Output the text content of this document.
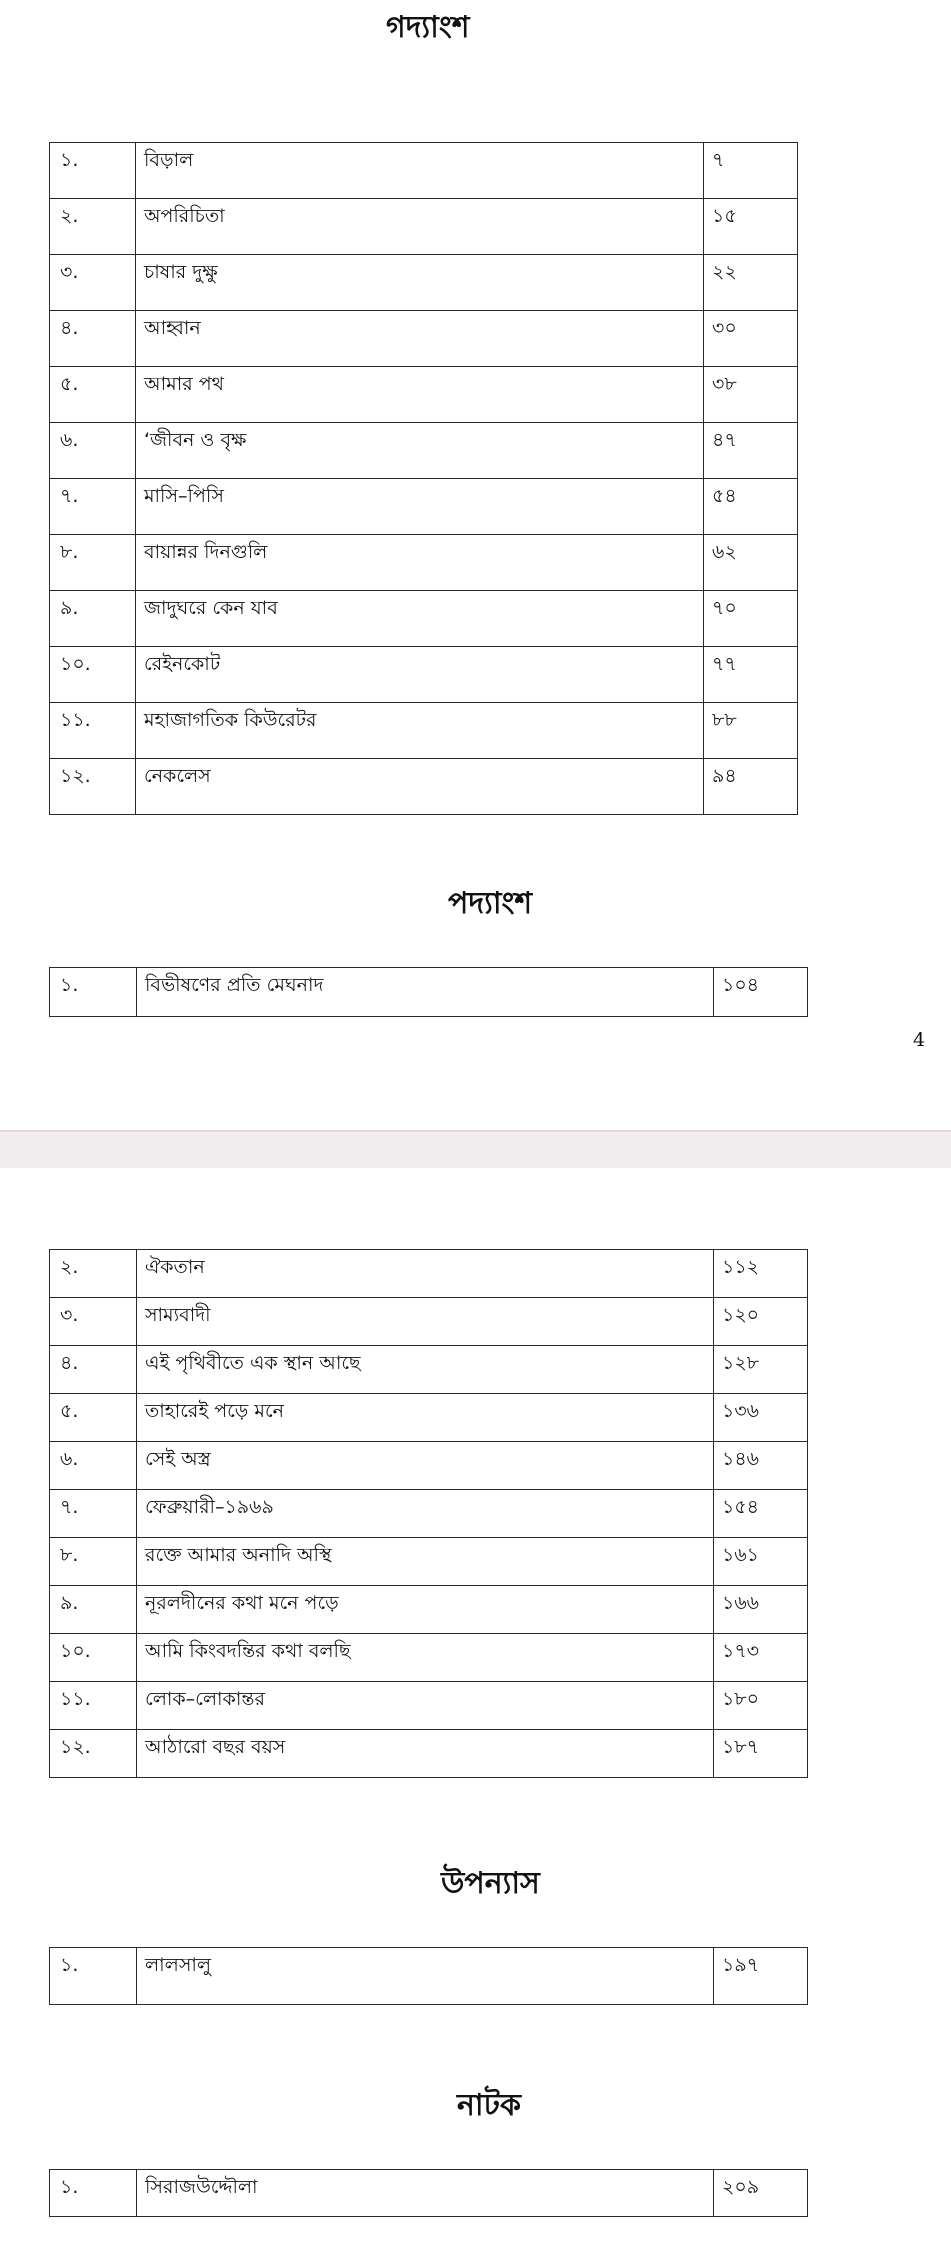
গদ্যাংশ
১.	বিড়াল	৭
২.	অপরিচিতা	১৫
৩.	চাষার দুক্ষু	২২
৪.	আহ্বান	৩০
৫.	আমার পথ	৩৮
৬.	‘জীবন ও বৃক্ষ	৪৭
৭.	মাসি–পিসি	৫৪
৮.	বায়ান্নর দিনগুলি	৬২
৯.	জাদুঘরে কেন যাব	৭০
১০.	রেইনকোট	৭৭
১১.	মহাজাগতিক কিউরেটর	৮৮
১২.	নেকলেস	৯৪
পদ্যাংশ
১.	বিভীষণের প্রতি মেঘনাদ	১০৪
4
২.	ঐকতান	১১২
৩.	সাম্যবাদী	১২০
৪.	এই পৃথিবীতে এক স্থান আছে	১২৮
৫.	তাহারেই পড়ে মনে	১৩৬
৬.	সেই অস্ত্র	১৪৬
৭.	ফেব্রুয়ারী–১৯৬৯	১৫৪
৮.	রক্তে আমার অনাদি অস্থি	১৬১
৯.	নূরলদীনের কথা মনে পড়ে	১৬৬
১০.	আমি কিংবদন্তির কথা বলছি	১৭৩
১১.	লোক–লোকান্তর	১৮০
১২.	আঠারো বছর বয়স	১৮৭
উপন্যাস
১.	লালসালু	১৯৭
নাটক
১.	সিরাজউদ্দৌলা	২০৯
